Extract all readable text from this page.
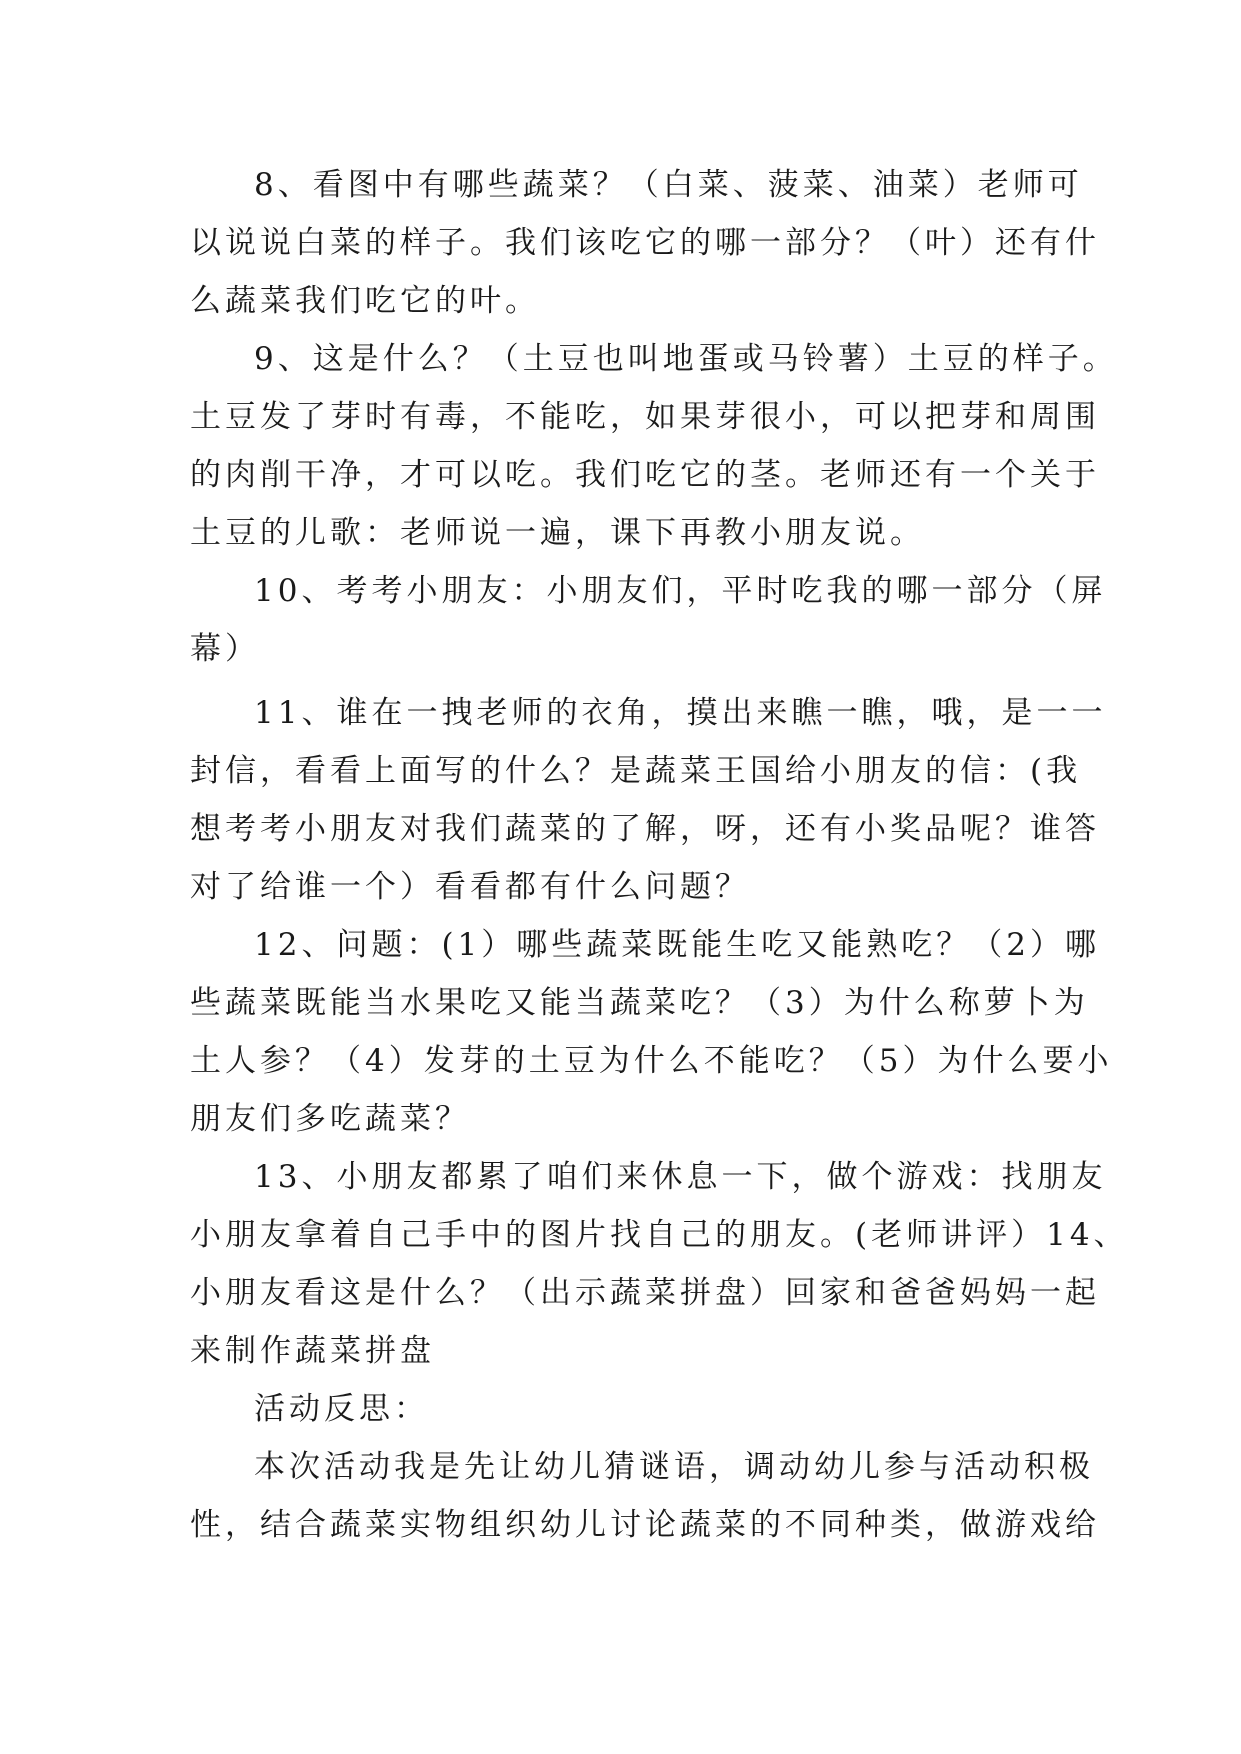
8、看图中有哪些蔬菜？（白菜、菠菜、油菜）老师可
以说说白菜的样子。我们该吃它的哪一部分？（叶）还有什
么蔬菜我们吃它的叶。
9、这是什么？（土豆也叫地蛋或马铃薯）土豆的样子。
土豆发了芽时有毒，不能吃，如果芽很小，可以把芽和周围
的肉削干净，才可以吃。我们吃它的茎。老师还有一个关于
土豆的儿歌：老师说一遍，课下再教小朋友说。
10、考考小朋友：小朋友们，平时吃我的哪一部分（屏
幕）
11、谁在一拽老师的衣角，摸出来瞧一瞧，哦，是一一
封信，看看上面写的什么？是蔬菜王国给小朋友的信：(我
想考考小朋友对我们蔬菜的了解，呀，还有小奖品呢？谁答
对了给谁一个）看看都有什么问题？
12、问题：(1）哪些蔬菜既能生吃又能熟吃？（2）哪
些蔬菜既能当水果吃又能当蔬菜吃？（3）为什么称萝卜为
土人参？（4）发芽的土豆为什么不能吃？（5）为什么要小
朋友们多吃蔬菜？
13、小朋友都累了咱们来休息一下，做个游戏：找朋友
小朋友拿着自己手中的图片找自己的朋友。(老师讲评）14、
小朋友看这是什么？（出示蔬菜拼盘）回家和爸爸妈妈一起
来制作蔬菜拼盘
活动反思：
本次活动我是先让幼儿猜谜语，调动幼儿参与活动积极
性，结合蔬菜实物组织幼儿讨论蔬菜的不同种类，做游戏给
